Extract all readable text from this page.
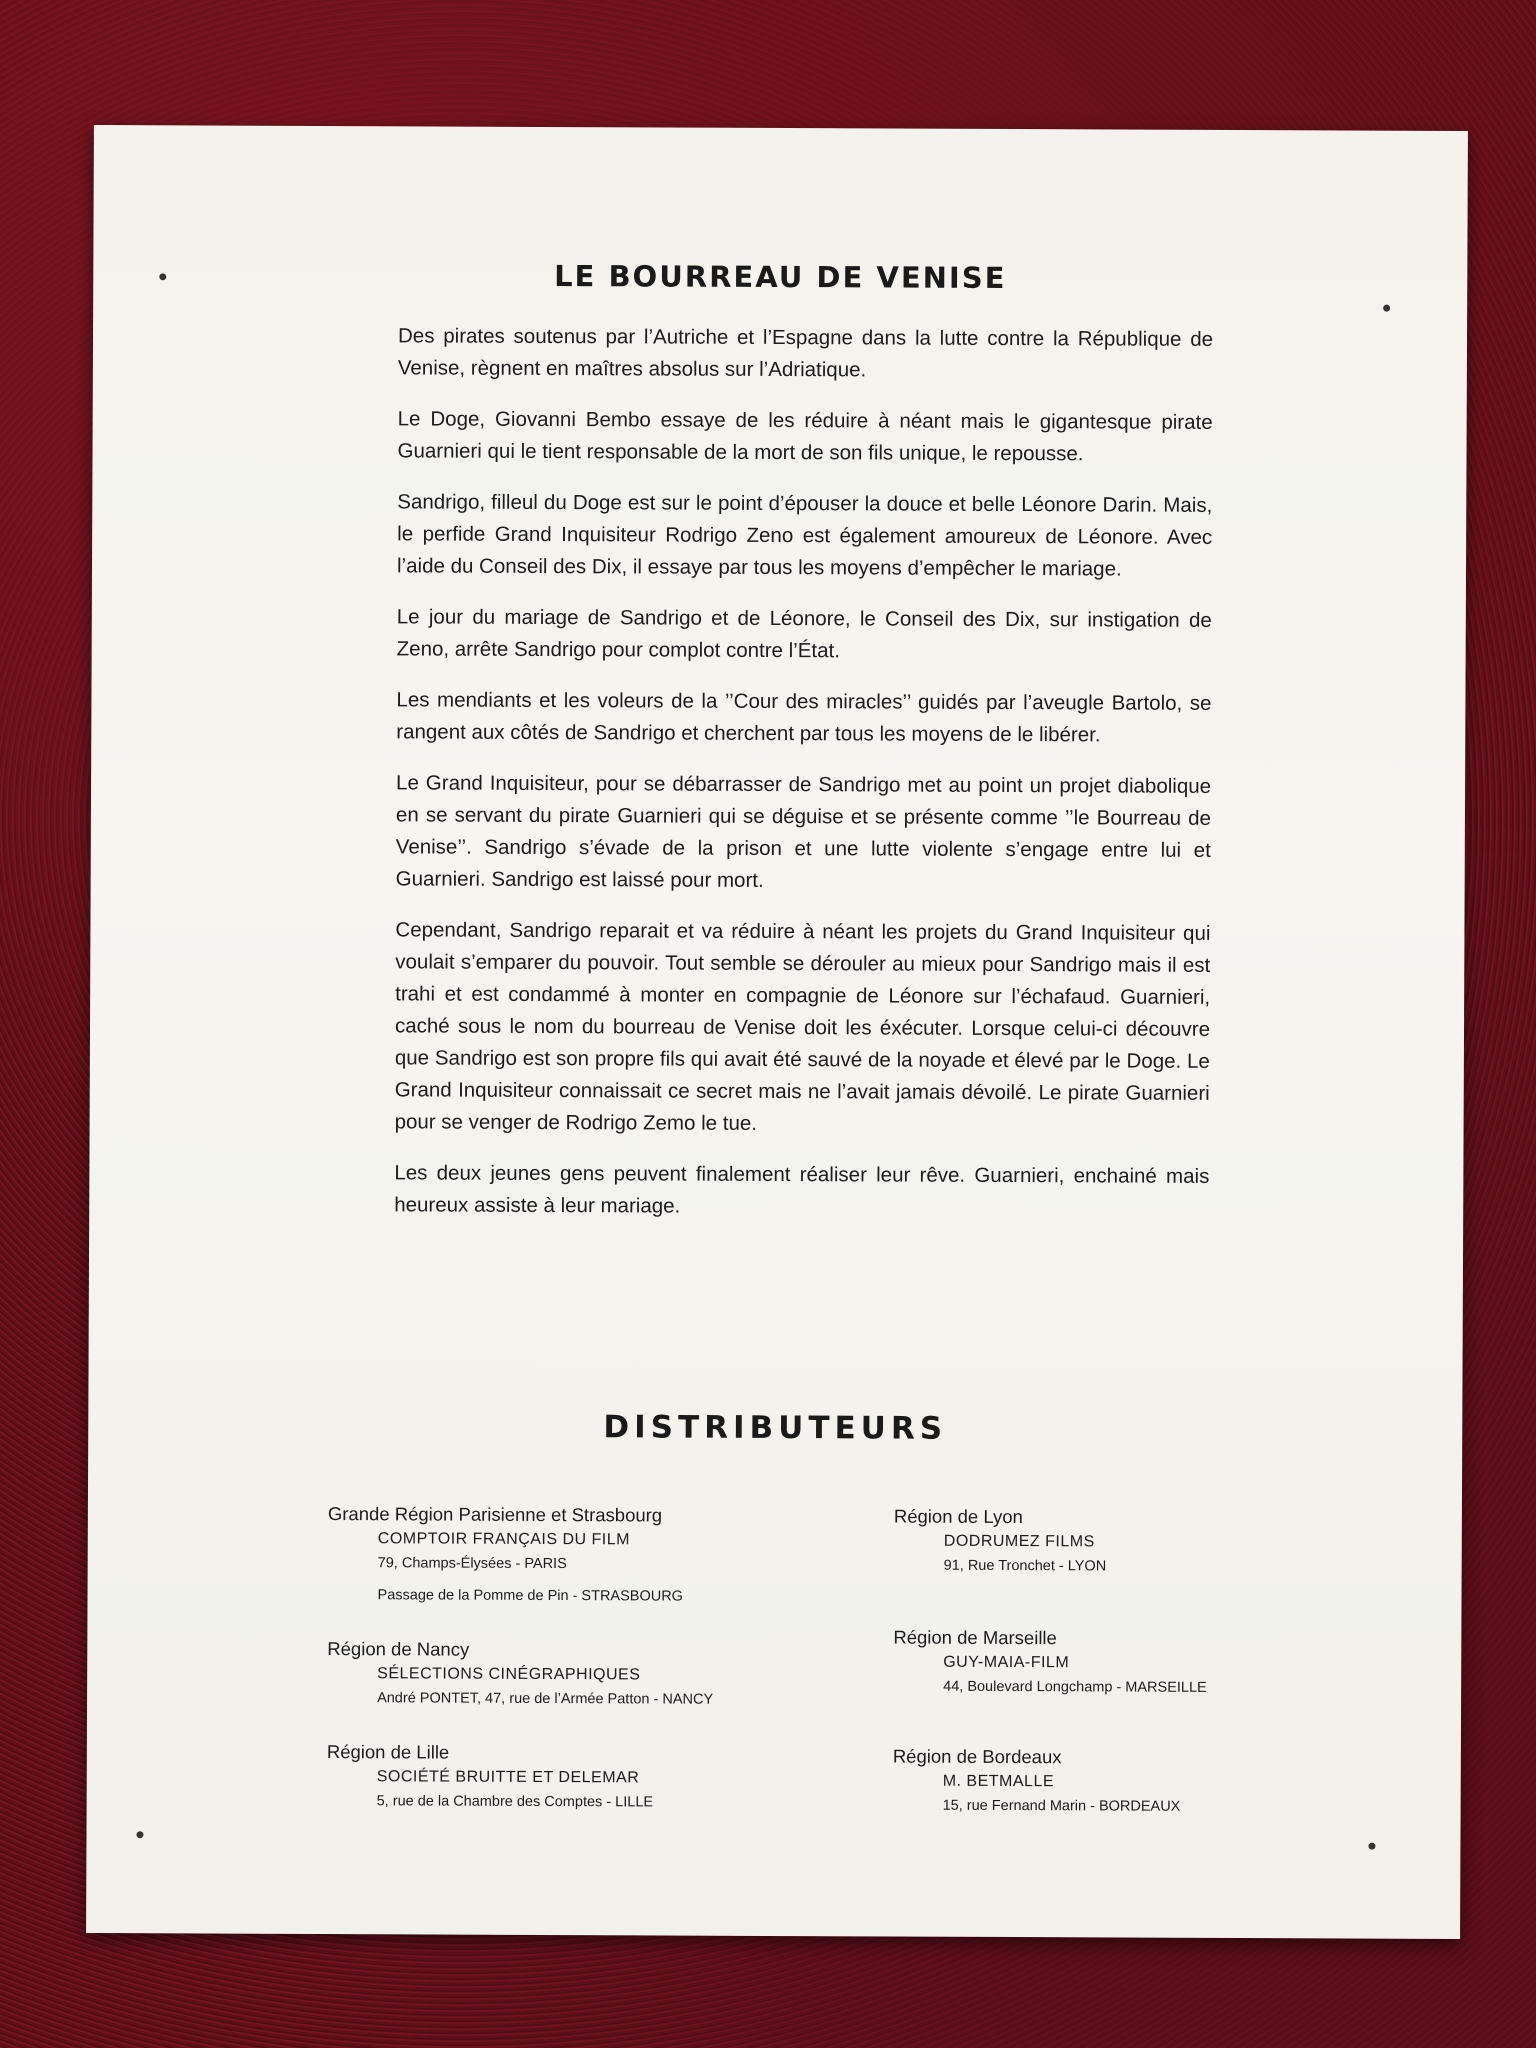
LE BOURREAU DE VENISE

Des pirates soutenus par l’Autriche et l’Espagne dans la lutte contre la République de Venise, règnent en maîtres absolus sur l’Adriatique.

Le Doge, Giovanni Bembo essaye de les réduire à néant mais le gigantesque pirate Guarnieri qui le tient responsable de la mort de son fils unique, le repousse.

Sandrigo, filleul du Doge est sur le point d’épouser la douce et belle Léonore Darin. Mais, le perfide Grand Inquisiteur Rodrigo Zeno est également amoureux de Léonore. Avec l’aide du Conseil des Dix, il essaye par tous les moyens d’empêcher le mariage.

Le jour du mariage de Sandrigo et de Léonore, le Conseil des Dix, sur instigation de Zeno, arrête Sandrigo pour complot contre l’État.

Les mendiants et les voleurs de la ’’Cour des miracles’’ guidés par l’aveugle Bartolo, se rangent aux côtés de Sandrigo et cherchent par tous les moyens de le libérer.

Le Grand Inquisiteur, pour se débarrasser de Sandrigo met au point un projet diabolique en se servant du pirate Guarnieri qui se déguise et se présente comme ’’le Bourreau de Venise’’. Sandrigo s’évade de la prison et une lutte violente s’engage entre lui et Guarnieri. Sandrigo est laissé pour mort.

Cependant, Sandrigo reparait et va réduire à néant les projets du Grand Inquisiteur qui voulait s’emparer du pouvoir. Tout semble se dérouler au mieux pour Sandrigo mais il est trahi et est condammé à monter en compagnie de Léonore sur l’échafaud. Guarnieri, caché sous le nom du bourreau de Venise doit les éxécuter. Lorsque celui-ci découvre que Sandrigo est son propre fils qui avait été sauvé de la noyade et élevé par le Doge. Le Grand Inquisiteur connaissait ce secret mais ne l’avait jamais dévoilé. Le pirate Guarnieri pour se venger de Rodrigo Zemo le tue.

Les deux jeunes gens peuvent finalement réaliser leur rêve. Guarnieri, enchainé mais heureux assiste à leur mariage.

DISTRIBUTEURS
Grande Région Parisienne et Strasbourg
COMPTOIR FRANÇAIS DU FILM
79, Champs-Élysées - PARIS
Passage de la Pomme de Pin - STRASBOURG
Région de Nancy
SÉLECTIONS CINÉGRAPHIQUES
André PONTET, 47, rue de l’Armée Patton - NANCY
Région de Lille
SOCIÉTÉ BRUITTE ET DELEMAR
5, rue de la Chambre des Comptes - LILLE
Région de Lyon
DODRUMEZ FILMS
91, Rue Tronchet - LYON
Région de Marseille
GUY-MAIA-FILM
44, Boulevard Longchamp - MARSEILLE
Région de Bordeaux
M. BETMALLE
15, rue Fernand Marin - BORDEAUX
